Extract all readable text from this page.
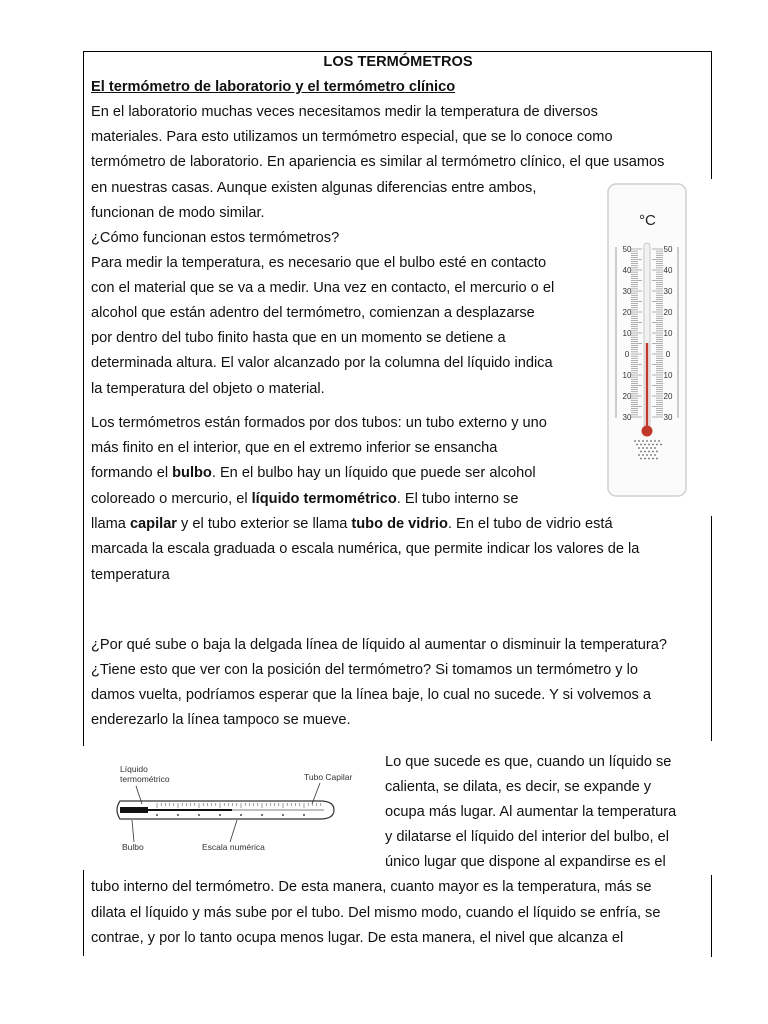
LOS TERMÓMETROS
El termómetro de laboratorio y el termómetro clínico
En el laboratorio muchas veces necesitamos medir la temperatura de diversos
materiales. Para esto utilizamos un termómetro especial, que se lo conoce como
termómetro de laboratorio. En apariencia es similar al termómetro clínico, el que usamos
en nuestras casas. Aunque existen algunas diferencias entre ambos,
funcionan de modo similar.
¿Cómo funcionan estos termómetros?
Para medir la temperatura, es necesario que el bulbo esté en contacto
con el material que se va a medir. Una vez en contacto, el mercurio o el
alcohol que están adentro del termómetro, comienzan a desplazarse
por dentro del tubo finito hasta que en un momento se detiene a
determinada altura. El valor alcanzado por la columna del líquido indica
la temperatura del objeto o material.
Los termómetros están formados por dos tubos: un tubo externo y uno
más finito en el interior, que en el extremo inferior se ensancha
formando el bulbo. En el bulbo hay un líquido que puede ser alcohol
coloreado o mercurio, el líquido termométrico. El tubo interno se
llama capilar y el tubo exterior se llama tubo de vidrio. En el tubo de vidrio está
marcada la escala graduada o escala numérica, que permite indicar los valores de la
temperatura
¿Por qué sube o baja la delgada línea de líquido al aumentar o disminuir la temperatura?
¿Tiene esto que ver con la posición del termómetro? Si tomamos un termómetro y lo
damos vuelta, podríamos esperar que la línea baje, lo cual no sucede. Y si volvemos a
enderezarlo la línea tampoco se mueve.
Lo que sucede es que, cuando un líquido se
calienta, se dilata, es decir, se expande y
ocupa más lugar. Al aumentar la temperatura
y dilatarse el líquido del interior del bulbo, el
único lugar que dispone al expandirse es el
tubo interno del termómetro. De esta manera, cuanto mayor es la temperatura, más se
dilata el líquido y más sube por el tubo. Del mismo modo, cuando el líquido se enfría, se
contrae, y por lo tanto ocupa menos lugar. De esta manera, el nivel que alcanza el
°C
50
40
30
20
10
0
10
20
30
50
40
30
20
10
0
10
20
30
Líquido
termométrico	Tubo Capilar
Bulbo	Escala numérica
